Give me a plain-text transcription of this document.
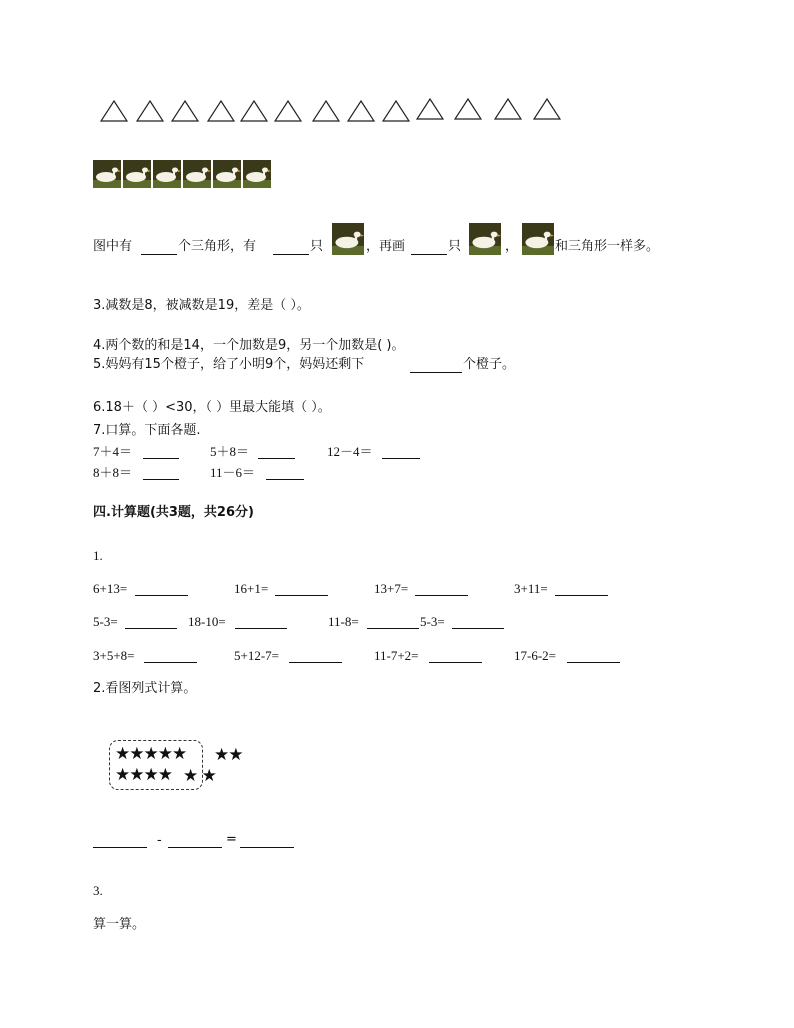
图中有	个三角形，有	只	，再画	只	，	和三角形一样多。
3.减数是8，被减数是19，差是（ ）。
4.两个数的和是14，一个加数是9，另一个加数是( )。
5.妈妈有15个橙子，给了小明9个，妈妈还剩下	个橙子。
6.18＋（ ）<30，（ ）里最大能填（ ）。
7.口算。下面各题.
7＋4＝	5＋8＝	12－4＝
8＋8＝	11－6＝
四.计算题(共3题，共26分)
1.
6+13=	16+1=	13+7=	3+11=
5-3=	18-10=	11-8=	5-3=
3+5+8=	5+12-7=	11-7+2=	17-6-2=
2.看图列式计算。
★★★★★ ★★
★★★★ ★ ★
-	=
3.
算一算。
